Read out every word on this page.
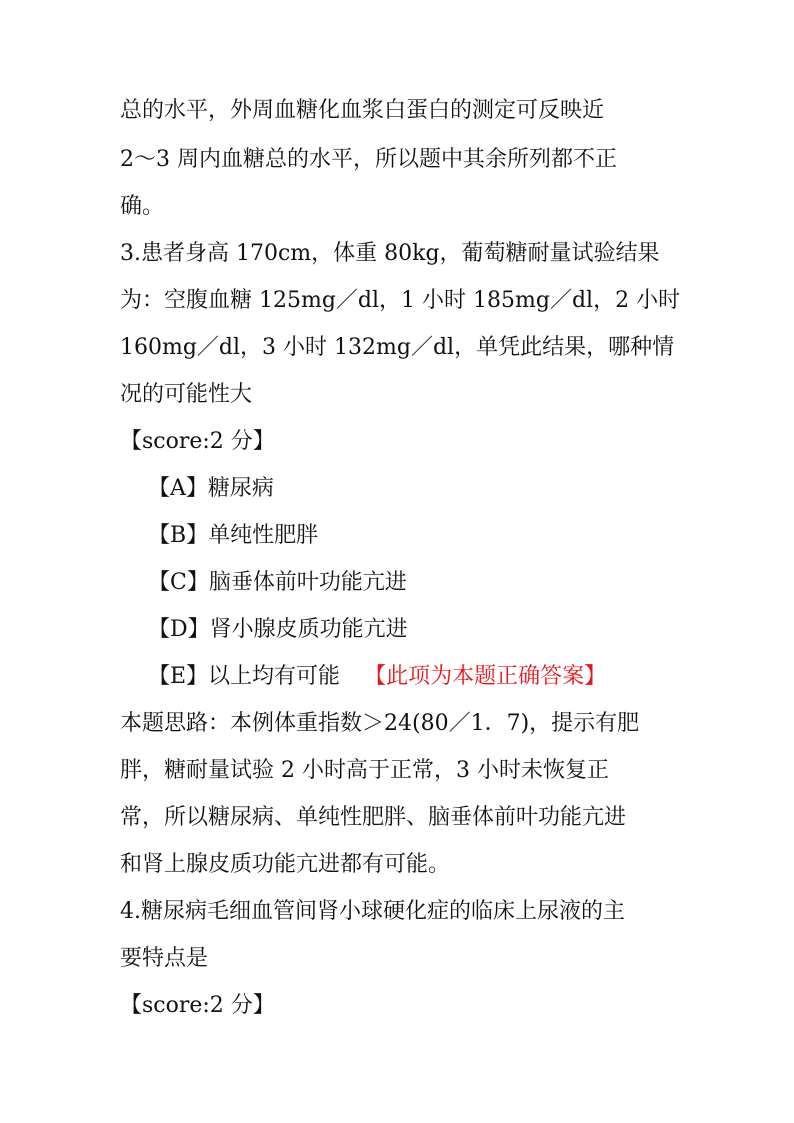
总的水平，外周血糖化血浆白蛋白的测定可反映近
2～3 周内血糖总的水平，所以题中其余所列都不正
确。
3.患者身高 170cm，体重 80kg，葡萄糖耐量试验结果
为：空腹血糖 125mg／dl，1 小时 185mg／dl，2 小时
160mg／dl，3 小时 132mg／dl，单凭此结果，哪种情
况的可能性大
【score:2 分】
【A】糖尿病
【B】单纯性肥胖
【C】脑垂体前叶功能亢进
【D】肾小腺皮质功能亢进
【E】以上均有可能 【此项为本题正确答案】
本题思路：本例体重指数＞24(80／1．7)，提示有肥
胖，糖耐量试验 2 小时高于正常，3 小时未恢复正
常，所以糖尿病、单纯性肥胖、脑垂体前叶功能亢进
和肾上腺皮质功能亢进都有可能。
4.糖尿病毛细血管间肾小球硬化症的临床上尿液的主
要特点是
【score:2 分】
